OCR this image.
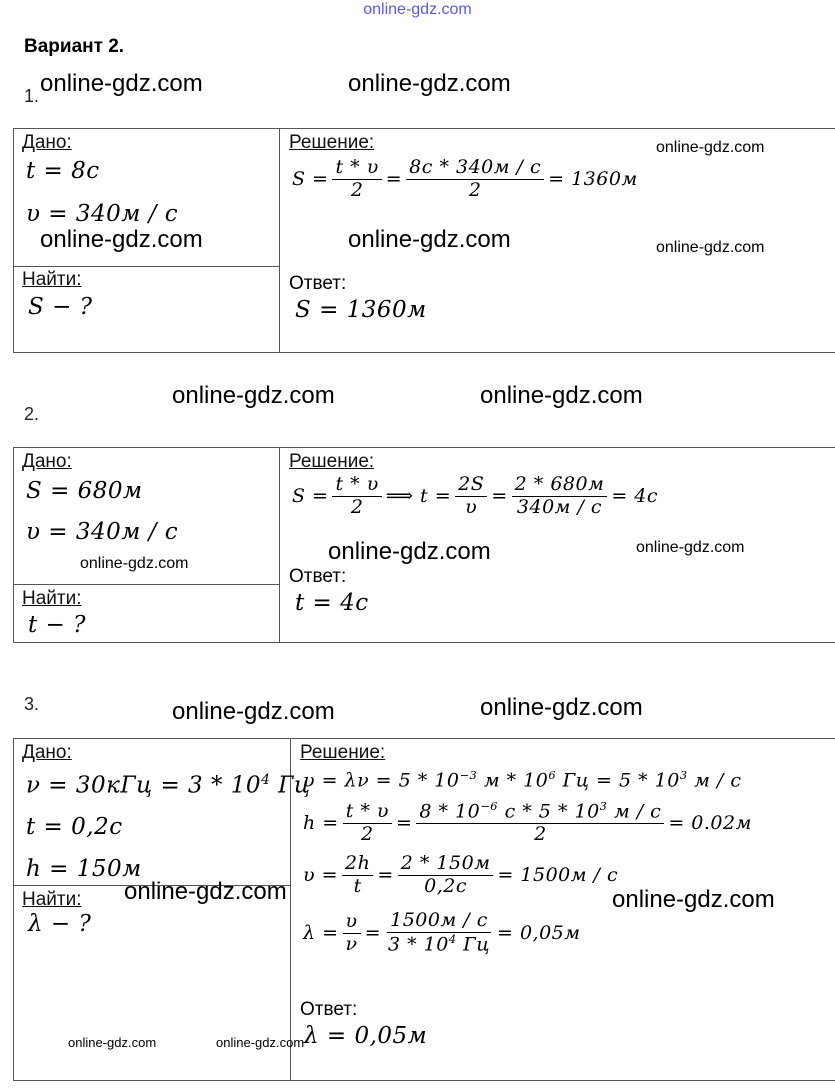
online-gdz.com
Вариант 2.
1. online-gdz.com	online-gdz.com
Дано:
t = 8c
υ = 340м / c
Найти:
S − ?
Решение:
$S = \frac{t * \upsilon}{2} = \frac{8c * 340м / c}{2} = 1360м$
online-gdz.com
online-gdz.com	online-gdz.com	online-gdz.com
Ответ:
S = 1360м
online-gdz.com	online-gdz.com
2.
Дано:
S = 680м
υ = 340м / c
online-gdz.com
Найти:
t − ?
Решение:
$S = \frac{t * \upsilon}{2}$ ⟹ $t = \frac{2S}{\upsilon} = \frac{2 * 680м}{340м / c} = 4c$
online-gdz.com	online-gdz.com
Ответ:
t = 4c
3.	online-gdz.com	online-gdz.com
Дано:
$\nu = 30кГц = 3 * 10^4$ Гц
t = 0,2c
h = 150м
Найти:
λ − ?
online-gdz.com
online-gdz.com	online-gdz.com
Решение:
$\upsilon = \lambda\nu = 5 * 10^{-3}$ м * $10^6$ Гц = $5 * 10^3$ м / c
$h = \frac{t * \upsilon}{2} = \frac{8 * 10^{-6} c * 5 * 10^3 м / c}{2} = 0.02м$
$\upsilon = \frac{2h}{t} = \frac{2 * 150м}{0,2c} = 1500м / c$
online-gdz.com
$\lambda = \frac{\upsilon}{\nu} = \frac{1500м / c}{3 * 10^4 Гц} = 0,05м$
Ответ:
λ = 0,05м
